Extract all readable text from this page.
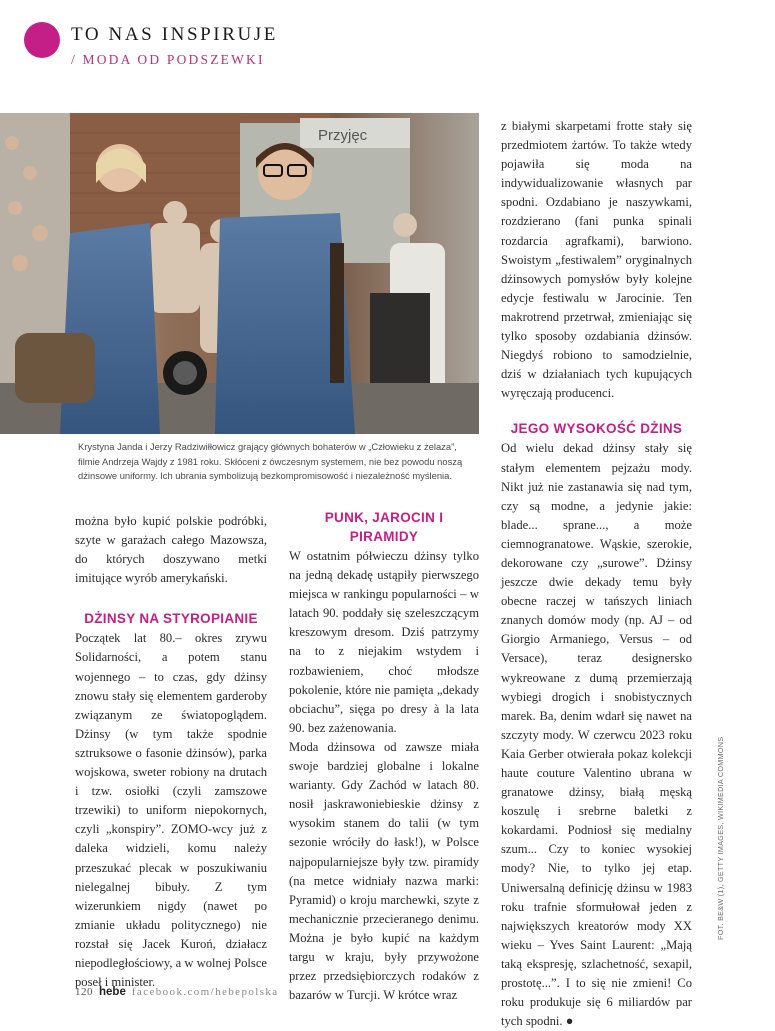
TO NAS INSPIRUJE
/ MODA OD PODSZEWKI
Przyjęc
Krystyna Janda i Jerzy Radziwiłłowicz grający głównych bohaterów w „Człowieku z żelaza”, filmie Andrzeja Wajdy z 1981 roku. Skłóceni z ówczesnym systemem, nie bez powodu noszą dżinsowe uniformy. Ich ubrania symbolizują bezkompromisowość i niezależność myślenia.

można było kupić polskie podróbki, szyte w garażach całego Mazowsza, do których doszywano metki imitujące wyrób amerykański.

DŻINSY NA STYROPIANIE

Początek lat 80.– okres zrywu Solidarności, a potem stanu wojennego – to czas, gdy dżinsy znowu stały się elementem garderoby związanym ze światopoglądem. Dżinsy (w tym także spodnie sztruksowe o fasonie dżinsów), parka wojskowa, sweter robiony na drutach i tzw. osiołki (czyli zamszowe trzewiki) to uniform niepokornych, czyli „konspiry”. ZOMO-wcy już z daleka widzieli, komu należy przeszukać plecak w poszukiwaniu nielegalnej bibuły. Z tym wizerunkiem nigdy (nawet po zmianie układu politycznego) nie rozstał się Jacek Kuroń, działacz niepodległościowy, a w wolnej Polsce poseł i minister.

PUNK, JAROCIN I PIRAMIDY

W ostatnim półwieczu dżinsy tylko na jedną dekadę ustąpiły pierwszego miejsca w rankingu popularności – w latach 90. poddały się szeleszczącym kreszowym dresom. Dziś patrzymy na to z niejakim wstydem i rozbawieniem, choć młodsze pokolenie, które nie pamięta „dekady obciachu”, sięga po dresy à la lata 90. bez zażenowania.

Moda dżinsowa od zawsze miała swoje bardziej globalne i lokalne warianty. Gdy Zachód w latach 80. nosił jaskrawoniebieskie dżinsy z wysokim stanem do talii (w tym sezonie wróciły do łask!), w Polsce najpopularniejsze były tzw. piramidy (na metce widniały nazwa marki: Pyramid) o kroju marchewki, szyte z mechanicznie przecieranego denimu. Można je było kupić na każdym targu w kraju, były przywożone przez przedsiębiorczych rodaków z bazarów w Turcji. W krótce wraz

z białymi skarpetami frotte stały się przedmiotem żartów. To także wtedy pojawiła się moda na indywidualizowanie własnych par spodni. Ozdabiano je naszywkami, rozdzierano (fani punka spinali rozdarcia agrafkami), barwiono. Swoistym „festiwalem” oryginalnych dżinsowych pomysłów były kolejne edycje festiwalu w Jarocinie. Ten makrotrend przetrwał, zmieniając się tylko sposoby ozdabiania dżinsów. Niegdyś robiono to samodzielnie, dziś w działaniach tych kupujących wyręczają producenci.

JEGO WYSOKOŚĆ DŻINS

Od wielu dekad dżinsy stały się stałym elementem pejzażu mody. Nikt już nie zastanawia się nad tym, czy są modne, a jedynie jakie: blade... sprane..., a może ciemnogranatowe. Wąskie, szerokie, dekorowane czy „surowe”. Dżinsy jeszcze dwie dekady temu były obecne raczej w tańszych liniach znanych domów mody (np. AJ – od Giorgio Armaniego, Versus – od Versace), teraz designersko wykreowane z dumą przemierzają wybiegi drogich i snobistycznych marek. Ba, denim wdarł się nawet na szczyty mody. W czerwcu 2023 roku Kaia Gerber otwierała pokaz kolekcji haute couture Valentino ubrana w granatowe dżinsy, białą męską koszulę i srebrne baletki z kokardami. Podniosł się medialny szum... Czy to koniec wysokiej mody? Nie, to tylko jej etap. Uniwersalną definicję dżinsu w 1983 roku trafnie sformułował jeden z największych kreatorów mody XX wieku – Yves Saint Laurent: „Mają taką ekspresję, szlachetność, sexapil, prostotę...”. I to się nie zmieni! Co roku produkuje się 6 miliardów par tych spodni. ●

FOT. BE&W (1), GETTY IMAGES, WIKIMEDIA COMMONS
120 hebe facebook.com/hebepolska
